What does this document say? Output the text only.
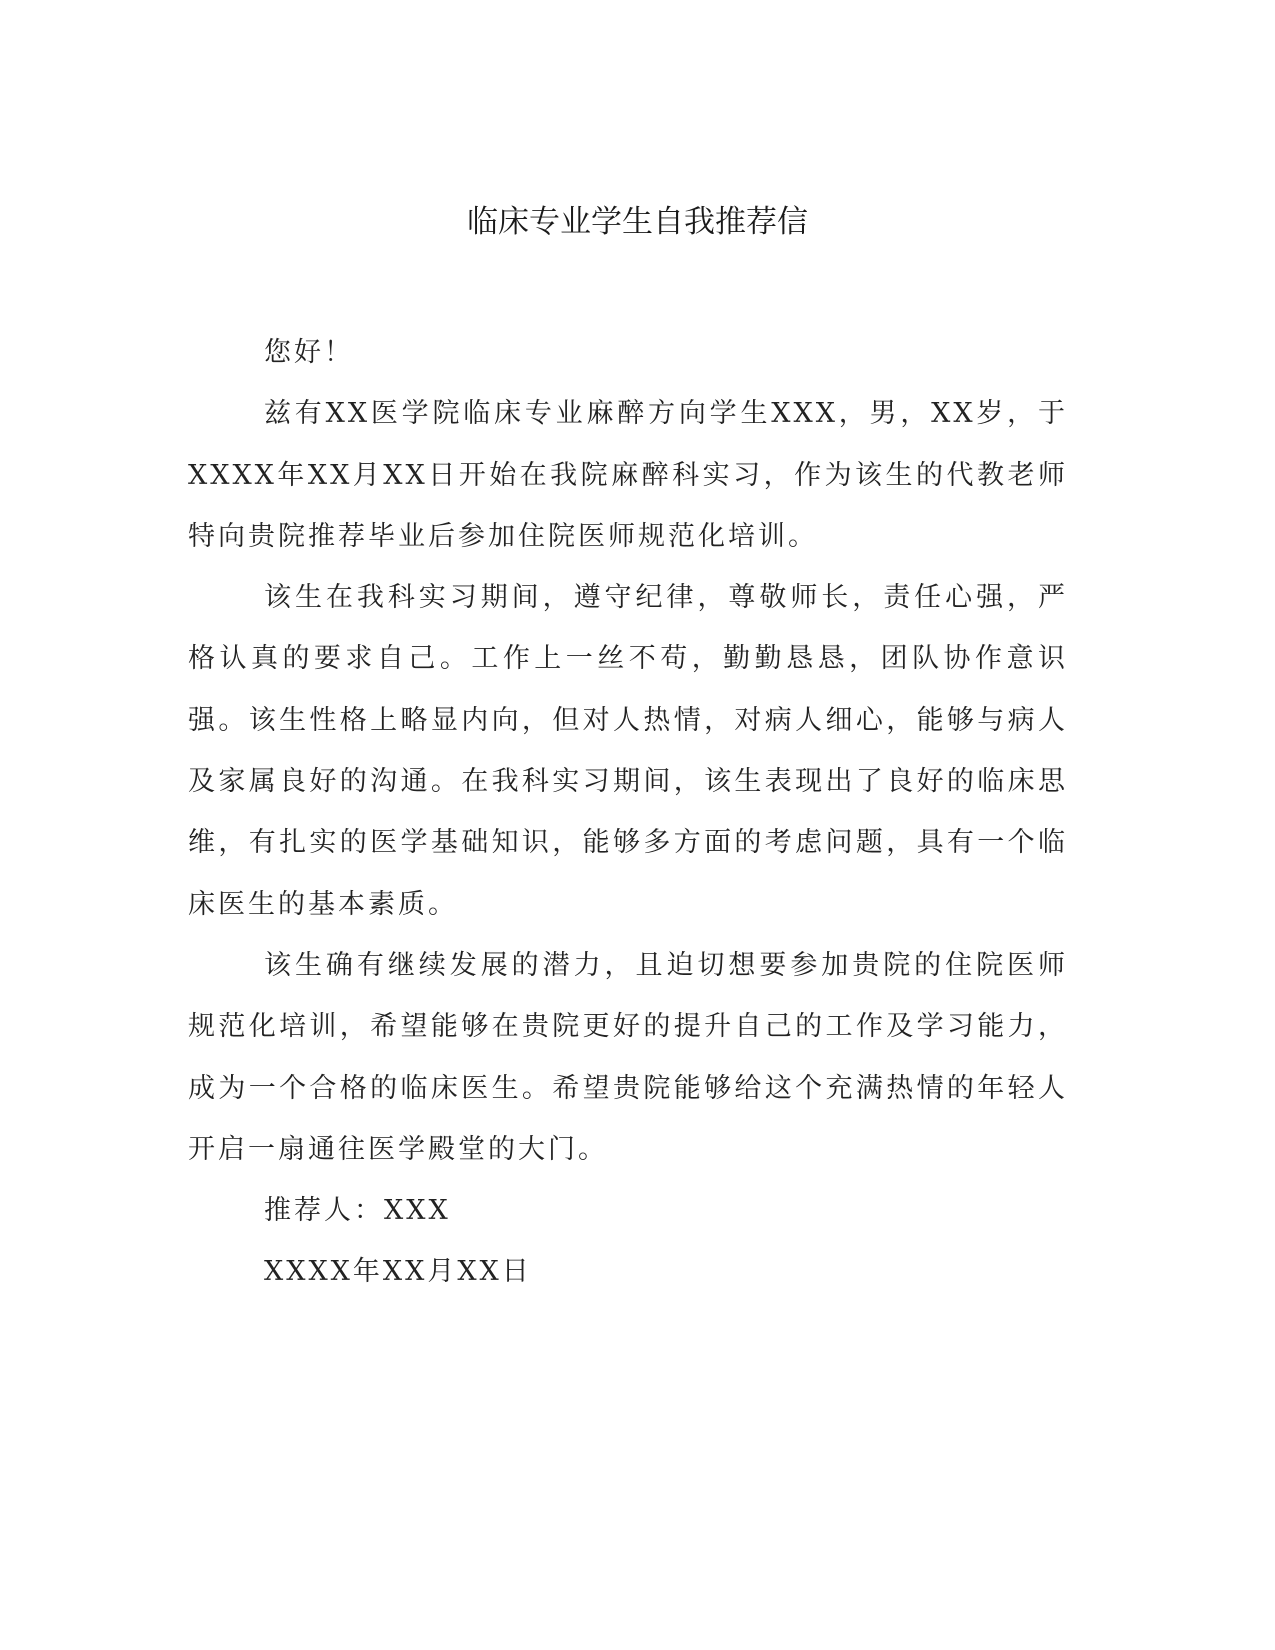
临床专业学生自我推荐信

您好！

兹有XX医学院临床专业麻醉方向学生XXX，男，XX岁，于XXXX年XX月XX日开始在我院麻醉科实习，作为该生的代教老师特向贵院推荐毕业后参加住院医师规范化培训。

该生在我科实习期间，遵守纪律，尊敬师长，责任心强，严格认真的要求自己。工作上一丝不苟，勤勤恳恳，团队协作意识强。该生性格上略显内向，但对人热情，对病人细心，能够与病人及家属良好的沟通。在我科实习期间，该生表现出了良好的临床思维，有扎实的医学基础知识，能够多方面的考虑问题，具有一个临床医生的基本素质。

该生确有继续发展的潜力，且迫切想要参加贵院的住院医师规范化培训，希望能够在贵院更好的提升自己的工作及学习能力，成为一个合格的临床医生。希望贵院能够给这个充满热情的年轻人开启一扇通往医学殿堂的大门。

推荐人：XXX

XXXX年XX月XX日
